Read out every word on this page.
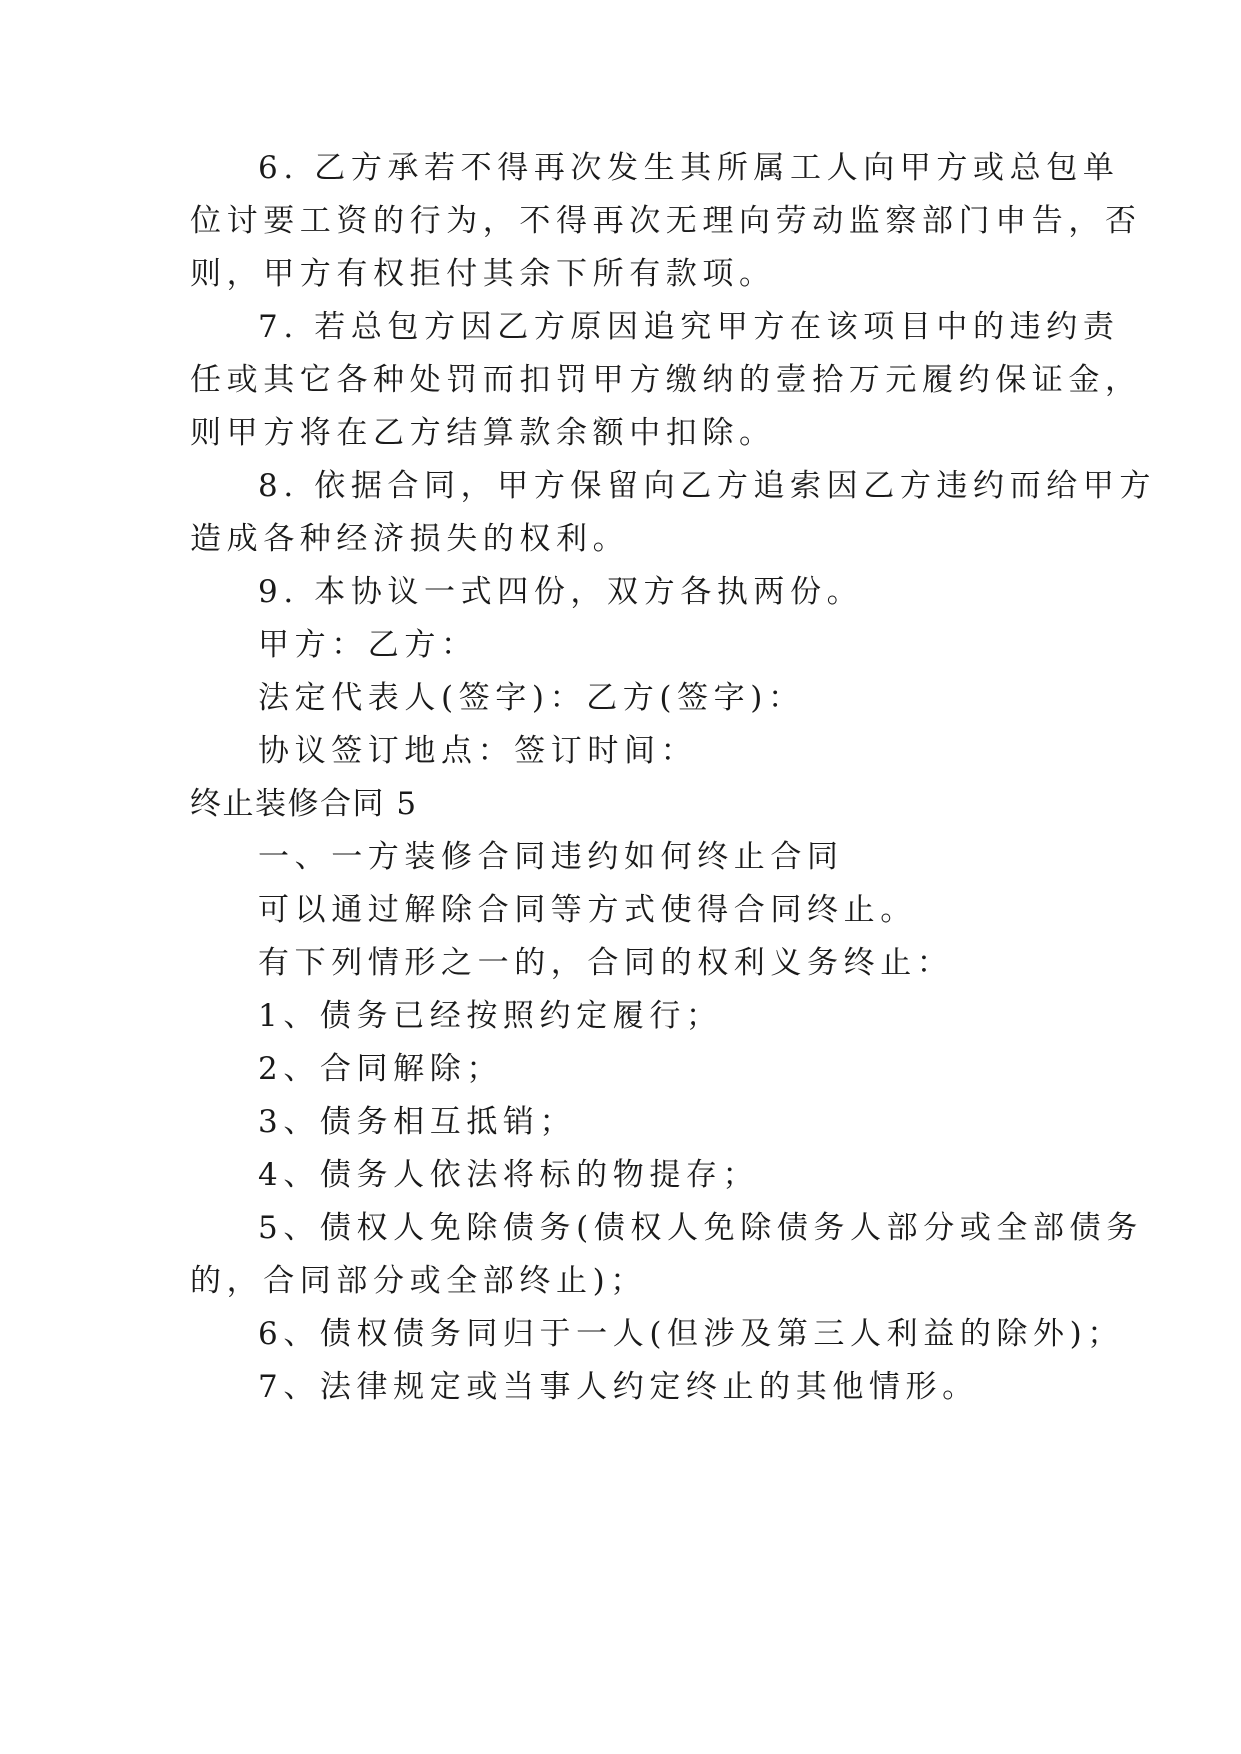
6. 乙方承若不得再次发生其所属工人向甲方或总包单
位讨要工资的行为，不得再次无理向劳动监察部门申告，否
则，甲方有权拒付其余下所有款项。
7. 若总包方因乙方原因追究甲方在该项目中的违约责
任或其它各种处罚而扣罚甲方缴纳的壹拾万元履约保证金，
则甲方将在乙方结算款余额中扣除。
8. 依据合同，甲方保留向乙方追索因乙方违约而给甲方
造成各种经济损失的权利。
9. 本协议一式四份，双方各执两份。
甲方：乙方：
法定代表人(签字)：乙方(签字)：
协议签订地点：签订时间：
终止装修合同 5
一、一方装修合同违约如何终止合同
可以通过解除合同等方式使得合同终止。
有下列情形之一的，合同的权利义务终止：
1、债务已经按照约定履行；
2、合同解除；
3、债务相互抵销；
4、债务人依法将标的物提存；
5、债权人免除债务(债权人免除债务人部分或全部债务
的，合同部分或全部终止)；
6、债权债务同归于一人(但涉及第三人利益的除外)；
7、法律规定或当事人约定终止的其他情形。
